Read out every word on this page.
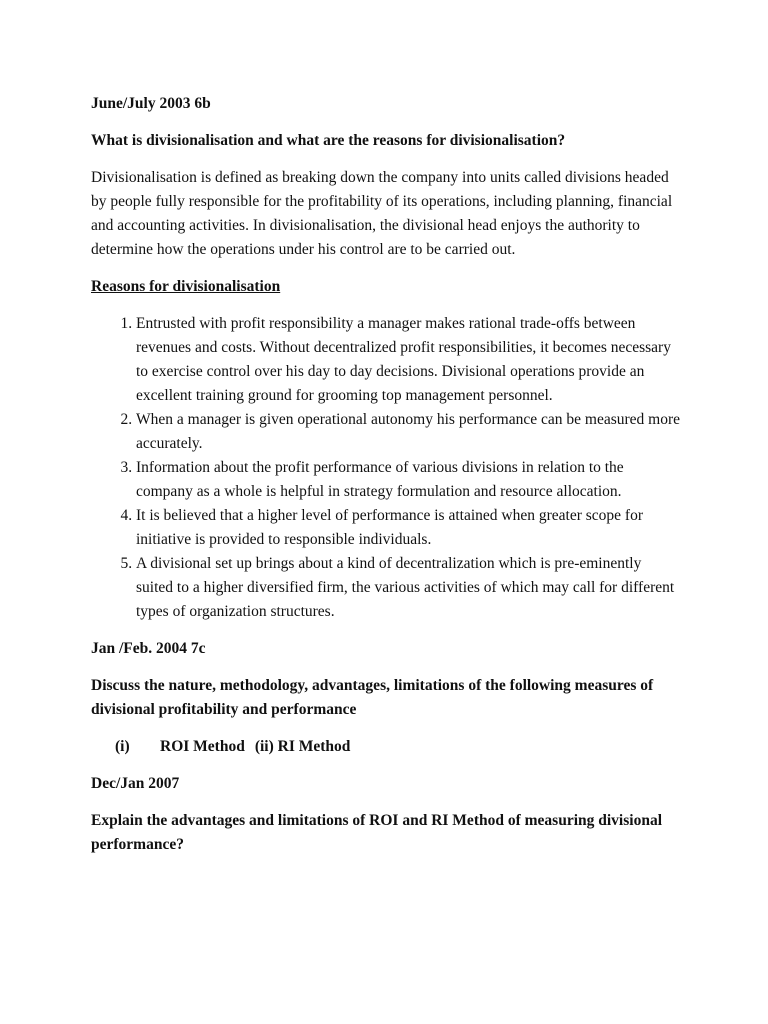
June/July 2003 6b
What is divisionalisation and what are the reasons for divisionalisation?
Divisionalisation is defined as breaking down the company into units called divisions headed by people fully responsible for the profitability of its operations, including planning, financial and accounting activities. In divisionalisation, the divisional head enjoys the authority to determine how the operations under his control are to be carried out.
Reasons for divisionalisation
1. Entrusted with profit responsibility a manager makes rational trade-offs between revenues and costs. Without decentralized profit responsibilities, it becomes necessary to exercise control over his day to day decisions. Divisional operations provide an excellent training ground for grooming top management personnel.
2. When a manager is given operational autonomy his performance can be measured more accurately.
3. Information about the profit performance of various divisions in relation to the company as a whole is helpful in strategy formulation and resource allocation.
4. It is believed that a higher level of performance is attained when greater scope for initiative is provided to responsible individuals.
5. A divisional set up brings about a kind of decentralization which is pre-eminently suited to a higher diversified firm, the various activities of which may call for different types of organization structures.
Jan /Feb. 2004 7c
Discuss the nature, methodology, advantages, limitations of the following measures of divisional profitability and performance
(i)	ROI Method (ii) RI Method
Dec/Jan 2007
Explain the advantages and limitations of ROI and RI Method of measuring divisional performance?
